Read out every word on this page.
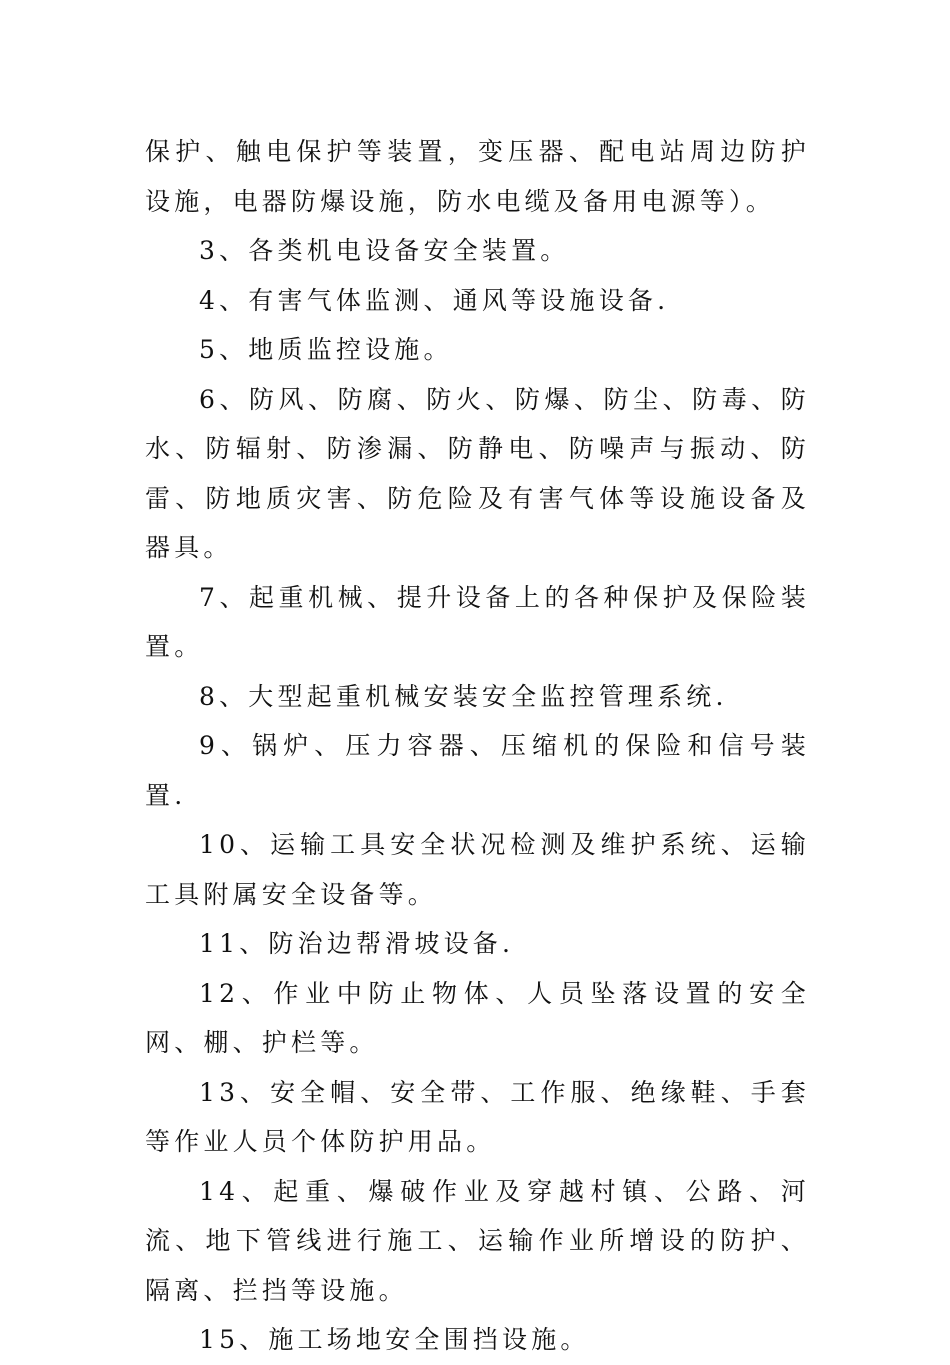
保护、触电保护等装置，变压器、配电站周边防护设施，电器防爆设施，防水电缆及备用电源等）。

3、各类机电设备安全装置。

4、有害气体监测、通风等设施设备.

5、地质监控设施。

6、防风、防腐、防火、防爆、防尘、防毒、防水、防辐射、防渗漏、防静电、防噪声与振动、防雷、防地质灾害、防危险及有害气体等设施设备及器具。

7、起重机械、提升设备上的各种保护及保险装置。

8、大型起重机械安装安全监控管理系统.

9、锅炉、压力容器、压缩机的保险和信号装置.

10、运输工具安全状况检测及维护系统、运输工具附属安全设备等。

11、防治边帮滑坡设备.

12、作业中防止物体、人员坠落设置的安全网、棚、护栏等。

13、安全帽、安全带、工作服、绝缘鞋、手套等作业人员个体防护用品。

14、起重、爆破作业及穿越村镇、公路、河流、地下管线进行施工、运输作业所增设的防护、隔离、拦挡等设施。

15、施工场地安全围挡设施。
